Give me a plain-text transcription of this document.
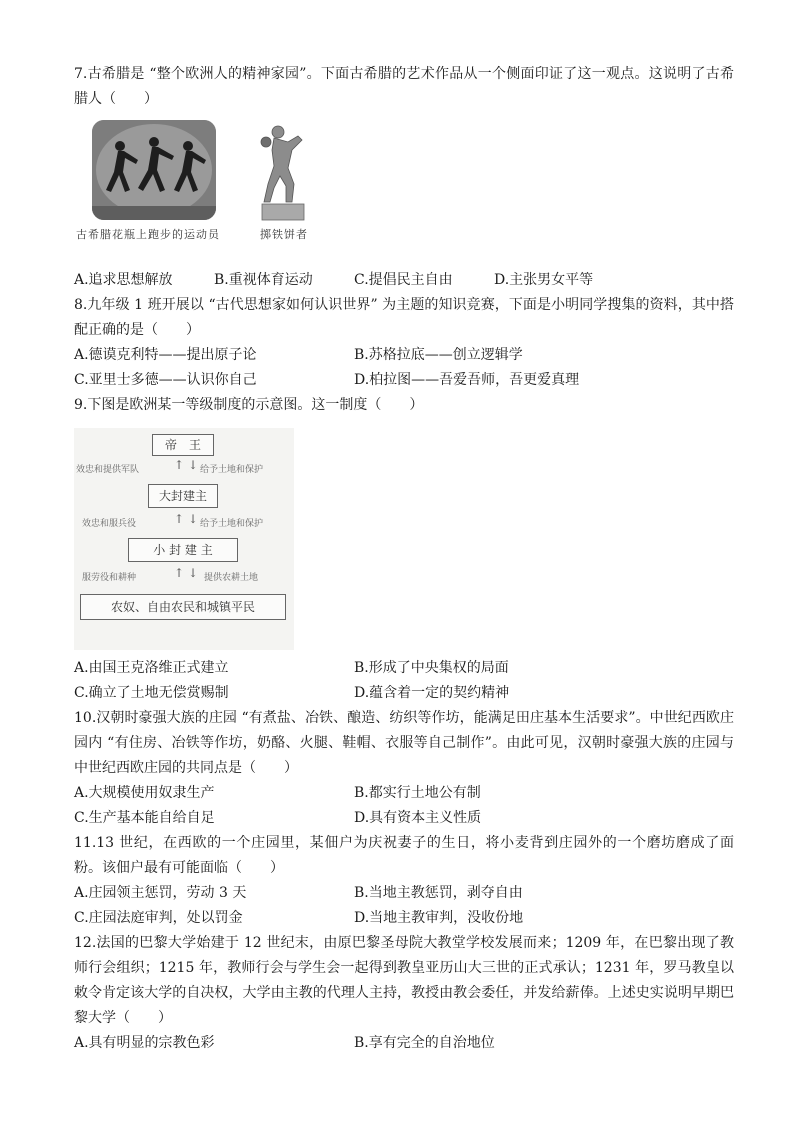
7.古希腊是 “整个欧洲人的精神家园”。下面古希腊的艺术作品从一个侧面印证了这一观点。这说明了古希腊人（　　）

古希腊花瓶上跑步的运动员	掷铁饼者
A.追求思想解放	B.重视体育运动	C.提倡民主自由	D.主张男女平等

8.九年级 1 班开展以 “古代思想家如何认识世界” 为主题的知识竞赛，下面是小明同学搜集的资料，其中搭配正确的是（　　）

A.德谟克利特——提出原子论	B.苏格拉底——创立逻辑学
C.亚里士多德——认识你自己	D.柏拉图——吾爱吾师，吾更爱真理

9.下图是欧洲某一等级制度的示意图。这一制度（　　）

帝　王
效忠和提供军队	↑ ↓ 给予土地和保护
大封建主
效忠和服兵役	↑ ↓ 给予土地和保护
小 封 建 主
服劳役和耕种	↑ ↓ 提供农耕土地
农奴、自由农民和城镇平民
A.由国王克洛维正式建立	B.形成了中央集权的局面
C.确立了土地无偿赏赐制	D.蕴含着一定的契约精神

10.汉朝时豪强大族的庄园 “有煮盐、冶铁、酿造、纺织等作坊，能满足田庄基本生活要求”。中世纪西欧庄园内 “有住房、冶铁等作坊，奶酪、火腿、鞋帽、衣服等自己制作”。由此可见，汉朝时豪强大族的庄园与中世纪西欧庄园的共同点是（　　）

A.大规模使用奴隶生产	B.都实行土地公有制
C.生产基本能自给自足	D.具有资本主义性质

11.13 世纪，在西欧的一个庄园里，某佃户为庆祝妻子的生日，将小麦背到庄园外的一个磨坊磨成了面粉。该佃户最有可能面临（　　）

A.庄园领主惩罚，劳动 3 天	B.当地主教惩罚，剥夺自由
C.庄园法庭审判，处以罚金	D.当地主教审判，没收份地

12.法国的巴黎大学始建于 12 世纪末，由原巴黎圣母院大教堂学校发展而来；1209 年，在巴黎出现了教师行会组织；1215 年，教师行会与学生会一起得到教皇亚历山大三世的正式承认；1231 年，罗马教皇以敕令肯定该大学的自决权，大学由主教的代理人主持，教授由教会委任，并发给薪俸。上述史实说明早期巴黎大学（　　）

A.具有明显的宗教色彩	B.享有完全的自治地位
